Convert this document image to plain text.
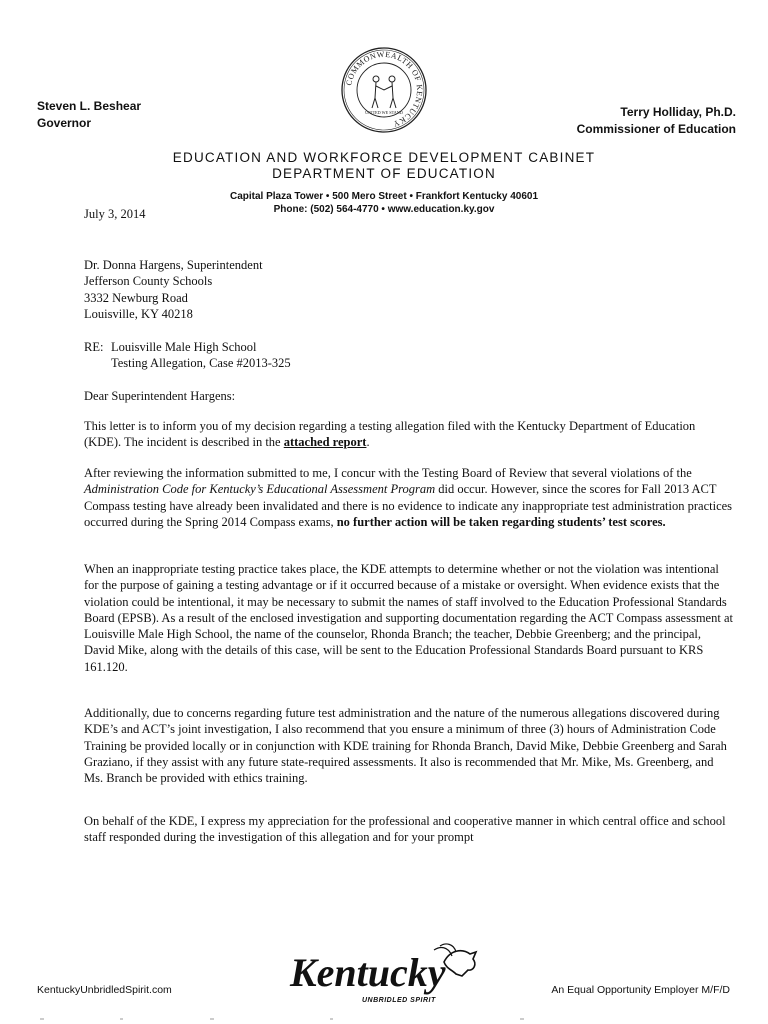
COMMONWEALTH OF KENTUCKY
UNITED WE STAND
Steven L. Beshear
Governor
Terry Holliday, Ph.D.
Commissioner of Education
EDUCATION AND WORKFORCE DEVELOPMENT CABINET
DEPARTMENT OF EDUCATION
Capital Plaza Tower • 500 Mero Street • Frankfort Kentucky 40601
Phone: (502) 564-4770 • www.education.ky.gov
July 3, 2014
Dr. Donna Hargens, Superintendent
Jefferson County Schools
3332 Newburg Road
Louisville, KY 40218
RE: Louisville Male High School
Testing Allegation, Case #2013-325
Dear Superintendent Hargens:
This letter is to inform you of my decision regarding a testing allegation filed with the Kentucky Department of Education (KDE). The incident is described in the attached report.
After reviewing the information submitted to me, I concur with the Testing Board of Review that several violations of the Administration Code for Kentucky’s Educational Assessment Program did occur. However, since the scores for Fall 2013 ACT Compass testing have already been invalidated and there is no evidence to indicate any inappropriate test administration practices occurred during the Spring 2014 Compass exams, no further action will be taken regarding students’ test scores.
When an inappropriate testing practice takes place, the KDE attempts to determine whether or not the violation was intentional for the purpose of gaining a testing advantage or if it occurred because of a mistake or oversight. When evidence exists that the violation could be intentional, it may be necessary to submit the names of staff involved to the Education Professional Standards Board (EPSB). As a result of the enclosed investigation and supporting documentation regarding the ACT Compass assessment at Louisville Male High School, the name of the counselor, Rhonda Branch; the teacher, Debbie Greenberg; and the principal, David Mike, along with the details of this case, will be sent to the Education Professional Standards Board pursuant to KRS 161.120.
Additionally, due to concerns regarding future test administration and the nature of the numerous allegations discovered during KDE’s and ACT’s joint investigation, I also recommend that you ensure a minimum of three (3) hours of Administration Code Training be provided locally or in conjunction with KDE training for Rhonda Branch, David Mike, Debbie Greenberg and Sarah Graziano, if they assist with any future state-required assessments. It also is recommended that Mr. Mike, Ms. Greenberg, and Ms. Branch be provided with ethics training.
On behalf of the KDE, I express my appreciation for the professional and cooperative manner in which central office and school staff responded during the investigation of this allegation and for your prompt
KentuckyUnbridledSpirit.com	Kentucky
UNBRIDLED SPIRIT
An Equal Opportunity Employer M/F/D
